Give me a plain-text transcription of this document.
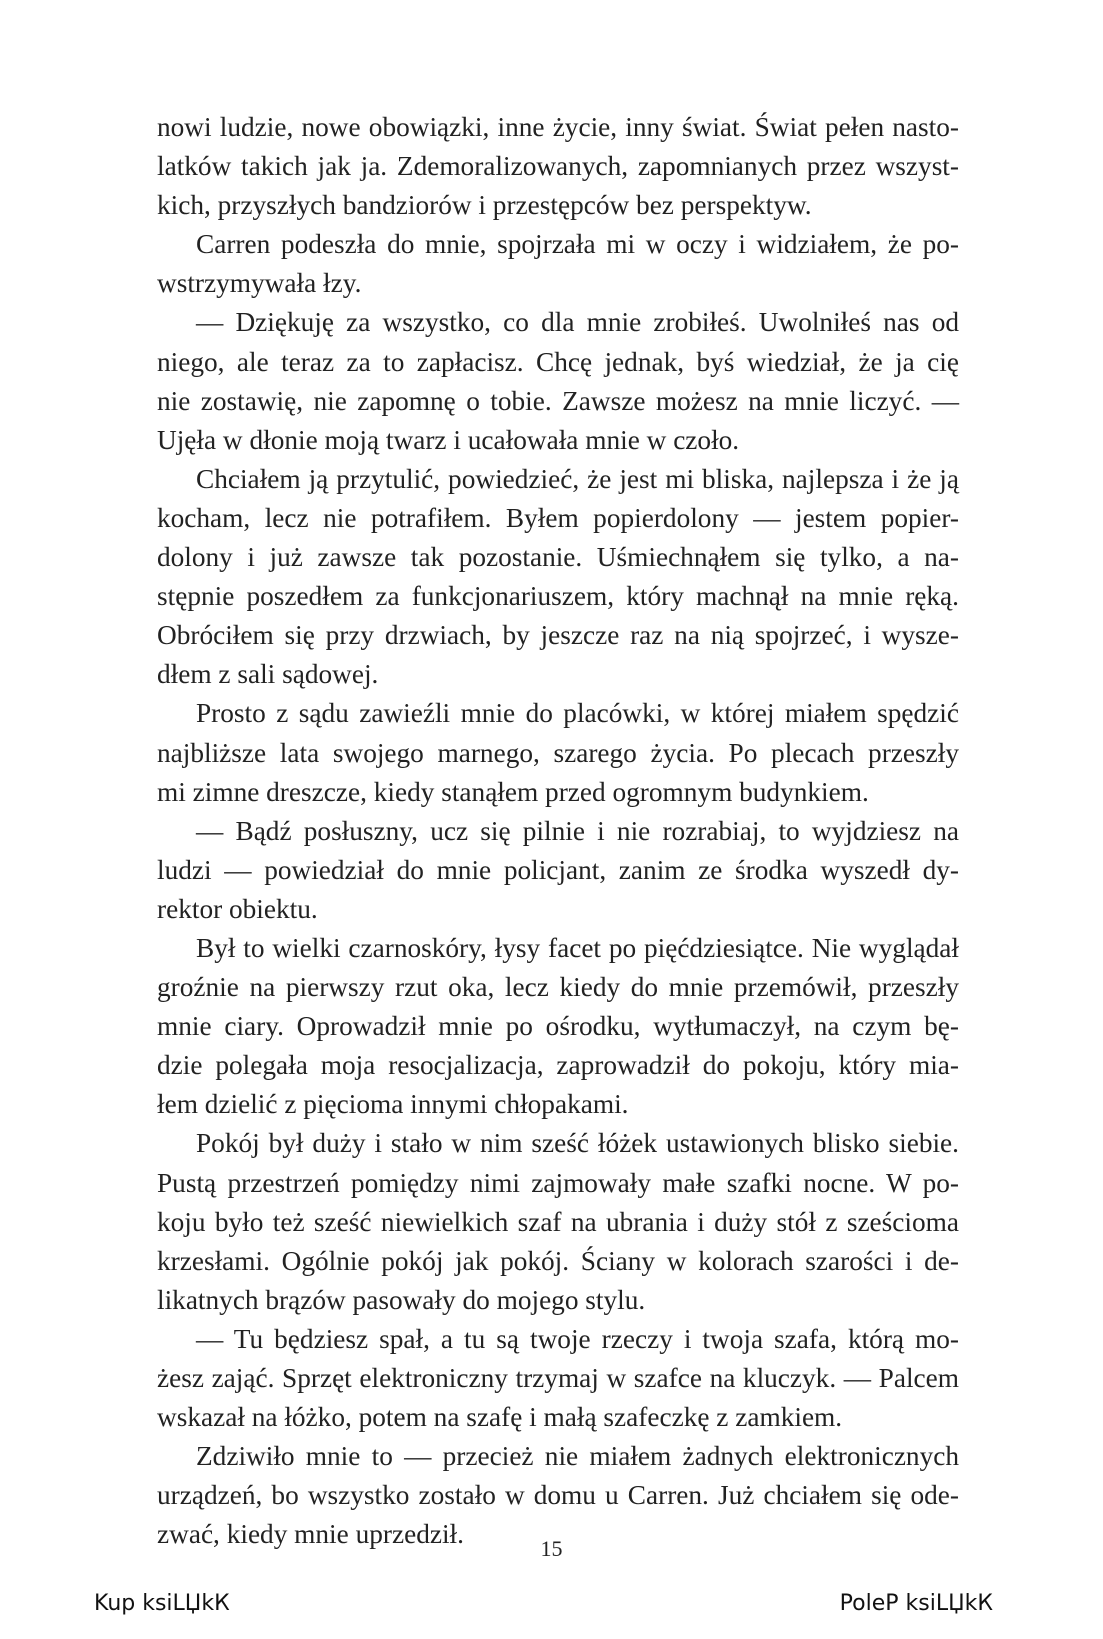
nowi ludzie, nowe obowiązki, inne życie, inny świat. Świat pełen nasto-
latków takich jak ja. Zdemoralizowanych, zapomnianych przez wszyst-
kich, przyszłych bandziorów i przestępców bez perspektyw.
Carren podeszła do mnie, spojrzała mi w oczy i widziałem, że po-
wstrzymywała łzy.
— Dziękuję za wszystko, co dla mnie zrobiłeś. Uwolniłeś nas od
niego, ale teraz za to zapłacisz. Chcę jednak, byś wiedział, że ja cię
nie zostawię, nie zapomnę o tobie. Zawsze możesz na mnie liczyć. —
Ujęła w dłonie moją twarz i ucałowała mnie w czoło.
Chciałem ją przytulić, powiedzieć, że jest mi bliska, najlepsza i że ją
kocham, lecz nie potrafiłem. Byłem popierdolony — jestem popier-
dolony i już zawsze tak pozostanie. Uśmiechnąłem się tylko, a na-
stępnie poszedłem za funkcjonariuszem, który machnął na mnie ręką.
Obróciłem się przy drzwiach, by jeszcze raz na nią spojrzeć, i wysze-
dłem z sali sądowej.
Prosto z sądu zawieźli mnie do placówki, w której miałem spędzić
najbliższe lata swojego marnego, szarego życia. Po plecach przeszły
mi zimne dreszcze, kiedy stanąłem przed ogromnym budynkiem.
— Bądź posłuszny, ucz się pilnie i nie rozrabiaj, to wyjdziesz na
ludzi — powiedział do mnie policjant, zanim ze środka wyszedł dy-
rektor obiektu.
Był to wielki czarnoskóry, łysy facet po pięćdziesiątce. Nie wyglądał
groźnie na pierwszy rzut oka, lecz kiedy do mnie przemówił, przeszły
mnie ciary. Oprowadził mnie po ośrodku, wytłumaczył, na czym bę-
dzie polegała moja resocjalizacja, zaprowadził do pokoju, który mia-
łem dzielić z pięcioma innymi chłopakami.
Pokój był duży i stało w nim sześć łóżek ustawionych blisko siebie.
Pustą przestrzeń pomiędzy nimi zajmowały małe szafki nocne. W po-
koju było też sześć niewielkich szaf na ubrania i duży stół z sześcioma
krzesłami. Ogólnie pokój jak pokój. Ściany w kolorach szarości i de-
likatnych brązów pasowały do mojego stylu.
— Tu będziesz spał, a tu są twoje rzeczy i twoja szafa, którą mo-
żesz zająć. Sprzęt elektroniczny trzymaj w szafce na kluczyk. — Palcem
wskazał na łóżko, potem na szafę i małą szafeczkę z zamkiem.
Zdziwiło mnie to — przecież nie miałem żadnych elektronicznych
urządzeń, bo wszystko zostało w domu u Carren. Już chciałem się ode-
zwać, kiedy mnie uprzedził.	15
Kup ksiLЏkК	PoleР ksiLЏkК
